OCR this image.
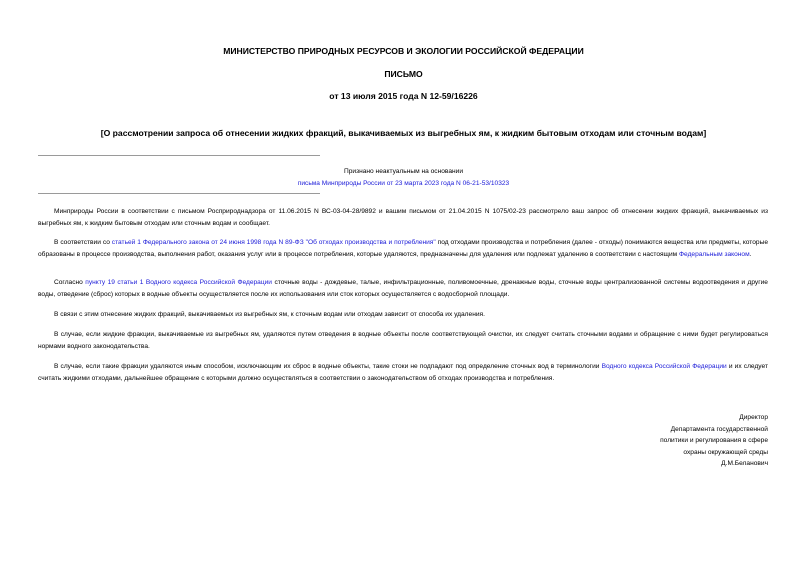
МИНИСТЕРСТВО ПРИРОДНЫХ РЕСУРСОВ И ЭКОЛОГИИ РОССИЙСКОЙ ФЕДЕРАЦИИ
ПИСЬМО
от 13 июля 2015 года N 12-59/16226
[О рассмотрении запроса об отнесении жидких фракций, выкачиваемых из выгребных ям, к жидким бытовым отходам или сточным водам]
Признано неактуальным на основании
письма Минприроды России от 23 марта 2023 года N 06-21-53/10323

Минприроды России в соответствии с письмом Росприроднадзора от 11.06.2015 N ВС-03-04-28/9892 и вашим письмом от 21.04.2015 N 1075/02-23 рассмотрело ваш запрос об отнесении жидких фракций, выкачиваемых из выгребных ям, к жидким бытовым отходам или сточным водам и сообщает.

В соответствии со статьей 1 Федерального закона от 24 июня 1998 года N 89-ФЗ "Об отходах производства и потребления" под отходами производства и потребления (далее - отходы) понимаются вещества или предметы, которые образованы в процессе производства, выполнения работ, оказания услуг или в процессе потребления, которые удаляются, предназначены для удаления или подлежат удалению в соответствии с настоящим Федеральным законом.

Согласно пункту 19 статьи 1 Водного кодекса Российской Федерации сточные воды - дождевые, талые, инфильтрационные, поливомоечные, дренажные воды, сточные воды централизованной системы водоотведения и другие воды, отведение (сброс) которых в водные объекты осуществляется после их использования или сток которых осуществляется с водосборной площади.

В связи с этим отнесение жидких фракций, выкачиваемых из выгребных ям, к сточным водам или отходам зависит от способа их удаления.

В случае, если жидкие фракции, выкачиваемые из выгребных ям, удаляются путем отведения в водные объекты после соответствующей очистки, их следует считать сточными водами и обращение с ними будет регулироваться нормами водного законодательства.

В случае, если такие фракции удаляются иным способом, исключающим их сброс в водные объекты, такие стоки не подпадают под определение сточных вод в терминологии Водного кодекса Российской Федерации и их следует считать жидкими отходами, дальнейшее обращение с которыми должно осуществляться в соответствии о законодательством об отходах производства и потребления.

Директор
Департамента государственной
политики и регулирования в сфере
охраны окружающей среды
Д.М.Беланович
